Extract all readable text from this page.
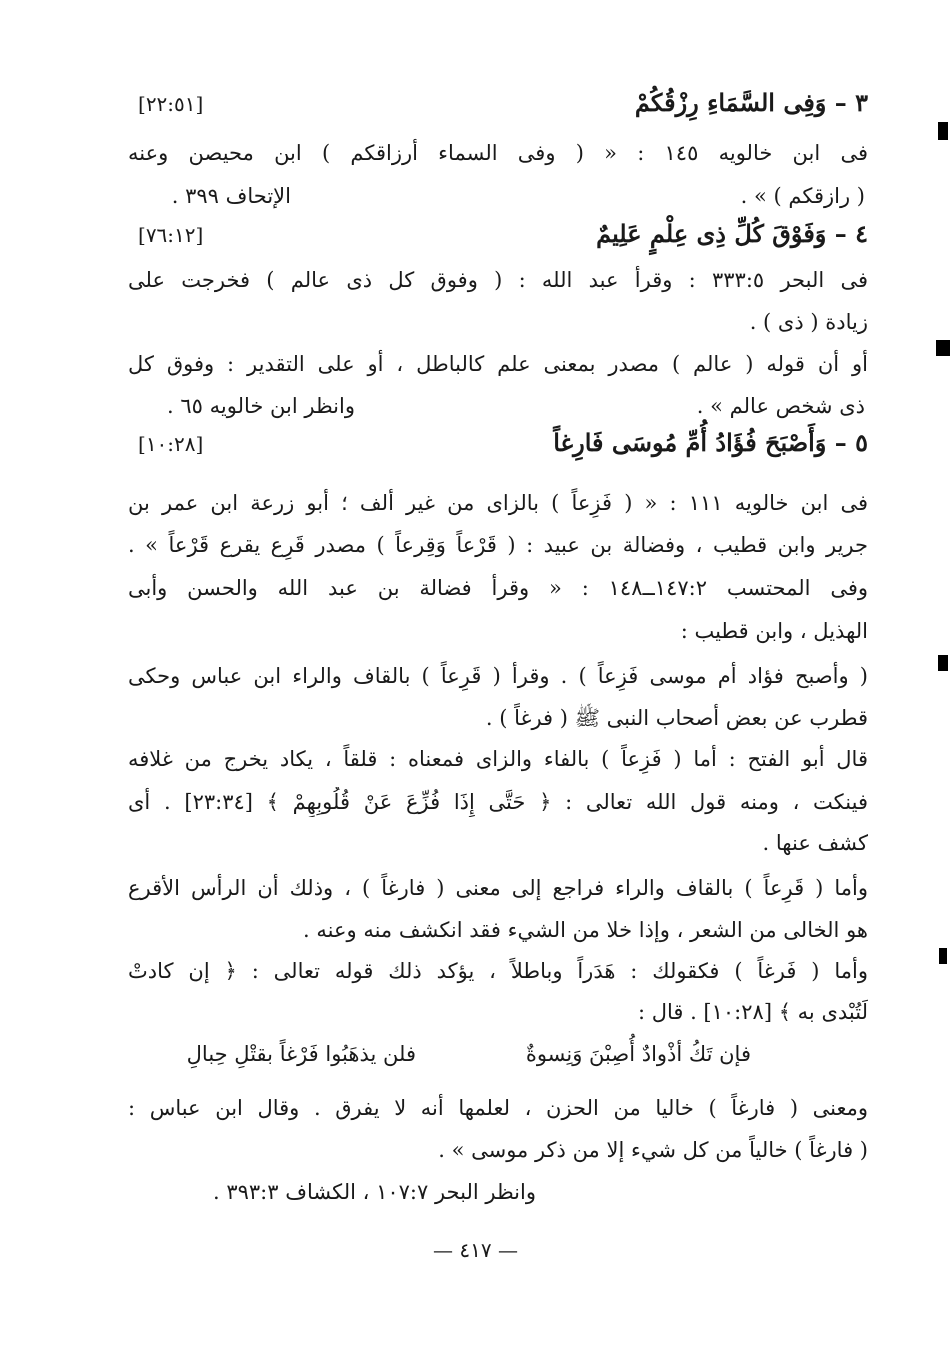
٣ – وَفِى السَّمَاءِ رِزْقُكُمْ
[٢٢:٥١]
فى ابن خالويه ١٤٥ : « ( وفى السماء أرزاقكم ) ابن محيصن وعنه
( رازقكم ) » .
الإتحاف ٣٩٩ .
٤ – وَفَوْقَ كُلِّ ذِى عِلْمٍ عَلِيمٌ
[٧٦:١٢]
فى البحر ٣٣٣:٥ : وقرأ عبد الله : ( وفوق كل ذى عالم ) فخرجت على
زيادة ( ذى ) .
أو أن قوله ( عالم ) مصدر بمعنى علم كالباطل ، أو على التقدير : وفوق كل
ذى شخص عالم » .
وانظر ابن خالويه ٦٥ .
٥ – وَأَصْبَحَ فُؤَادُ أُمِّ مُوسَى فَارِغاً
[١٠:٢٨]
فى ابن خالويه ١١١ : « ( فَزِعاً ) بالزاى من غير ألف ؛ أبو زرعة ابن عمر بن
جرير وابن قطيب ، وفضالة بن عبيد : ( قَرْعاً وَقِرعاً ) مصدر قَرِع يقرع قَرْعاً » .
وفى المحتسب ١٤٧:٢ــ١٤٨ : « وقرأ فضالة بن عبد الله والحسن وأبى
الهذيل ، وابن قطيب :
( وأصبح فؤاد أم موسى فَزِعاً ) . وقرأ ( قَرِعاً ) بالقاف والراء ابن عباس وحكى
قطرب عن بعض أصحاب النبى ﷺ ( فرغاً ) .
قال أبو الفتح : أما ( فَزِعاً ) بالفاء والزاى فمعناه : قلقاً ، يكاد يخرج من غلافه
فينكت ، ومنه قول الله تعالى : ﴿ حَتَّى إِذَا فُزِّعَ عَنْ قُلُوبِهِمْ ﴾ [٢٣:٣٤] . أى
كشف عنها .
وأما ( قَرِعاً ) بالقاف والراء فراجع إلى معنى ( فارغاً ) ، وذلك أن الرأس الأقرع
هو الخالى من الشعر ، وإذا خلا من الشيء فقد انكشف منه وعنه .
وأما ( فَرغاً ) فكقولك : هَدَراً وباطلاً ، يؤكد ذلك قوله تعالى : ﴿ إن كادتْ
لَتُبْدى به ﴾ [١٠:٢٨] . قال :
فإن تَكُ أذْوادٌ أُصِبْنَ وَنِسوةٌ
فلن يذهَبُوا فَرْغاً بقتْلِ حِبالِ
ومعنى ( فارغاً ) خاليا من الحزن ، لعلمها أنه لا يفرق . وقال ابن عباس :
( فارغاً ) خالياً من كل شيء إلا من ذكر موسى » .
وانظر البحر ١٠٧:٧ ، الكشاف ٣٩٣:٣ .
— ٤١٧ —
